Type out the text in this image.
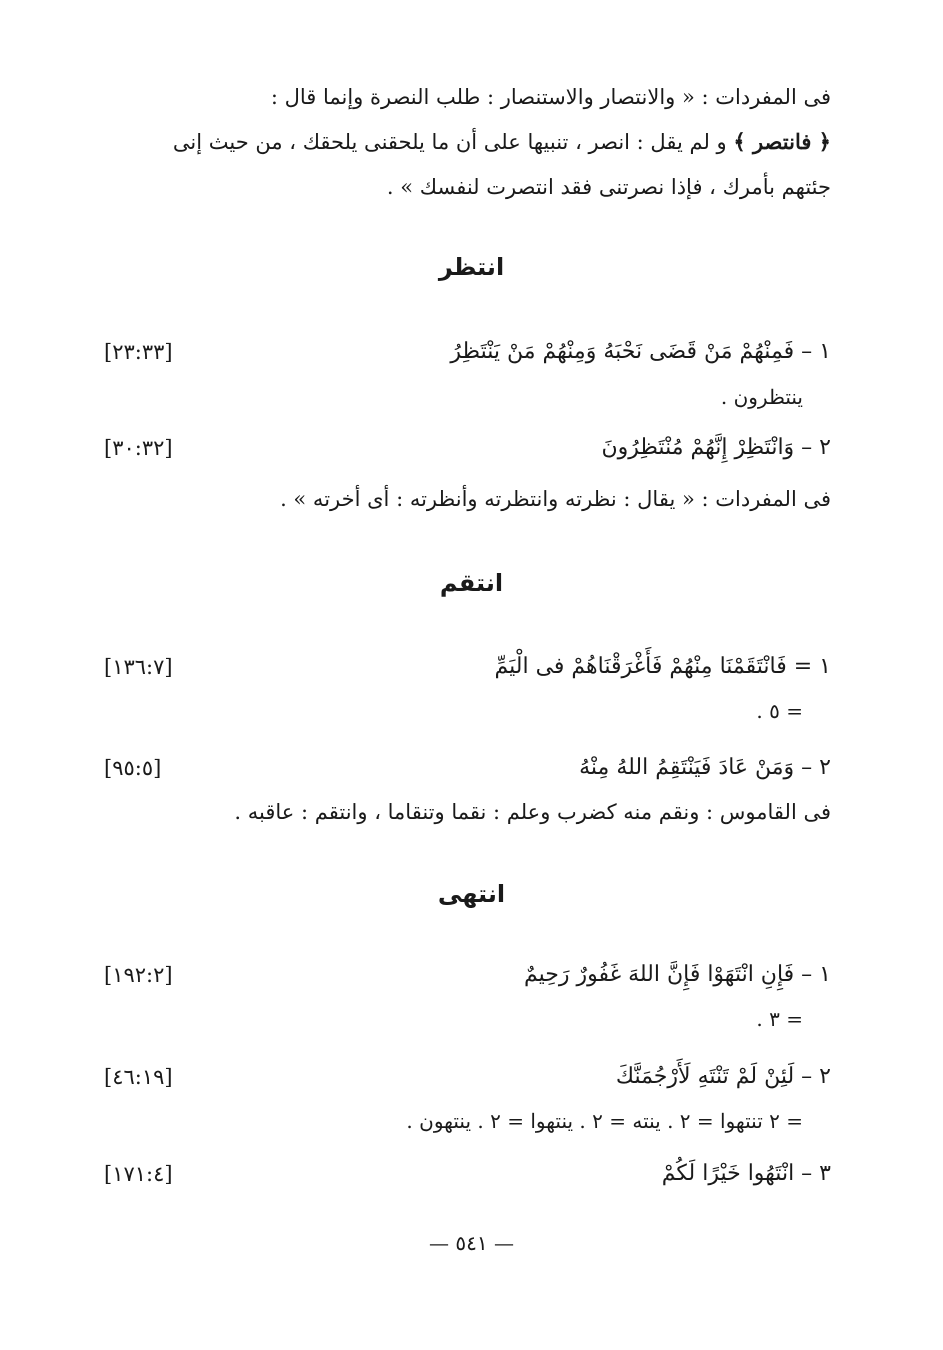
فى المفردات : « والانتصار والاستنصار : طلب النصرة وإنما قال :
﴿ فانتصر ﴾ و لم يقل : انصر ، تنبيها على أن ما يلحقنى يلحقك ، من حيث إنى
جئتهم بأمرك ، فإذا نصرتنى فقد انتصرت لنفسك » .
انتظر
١ – فَمِنْهُمْ مَنْ قَضَى نَحْبَهُ وَمِنْهُمْ مَنْ يَنْتَظِرُ
[٢٣:٣٣]
ينتظرون .
٢ – وَانْتَظِرْ إِنَّهُمْ مُنْتَظِرُونَ
[٣٠:٣٢]
فى المفردات : « يقال : نظرته وانتظرته وأنظرته : أى أخرته » .
انتقم
١ = فَانْتَقَمْنَا مِنْهُمْ فَأَغْرَقْنَاهُمْ فى الْيَمِّ
[١٣٦:٧]
= ٥ .
٢ – وَمَنْ عَادَ فَيَنْتَقِمُ اللهُ مِنْهُ
[٩٥:٥]
فى القاموس : ونقم منه كضرب وعلم : نقما وتنقاما ، وانتقم : عاقبه .
انتهى
١ – فَإِنِ انْتَهَوْا فَإِنَّ اللهَ غَفُورٌ رَحِيمٌ
[١٩٢:٢]
= ٣ .
٢ – لَئِنْ لَمْ تَنْتَهِ لَأَرْجُمَنَّكَ
[٤٦:١٩]
= ٢ تنتهوا = ٢ . ينته = ٢ . ينتهوا = ٢ . ينتهون .
٣ – انْتَهُوا خَيْرًا لَكُمْ
[١٧١:٤]
— ٥٤١ —
